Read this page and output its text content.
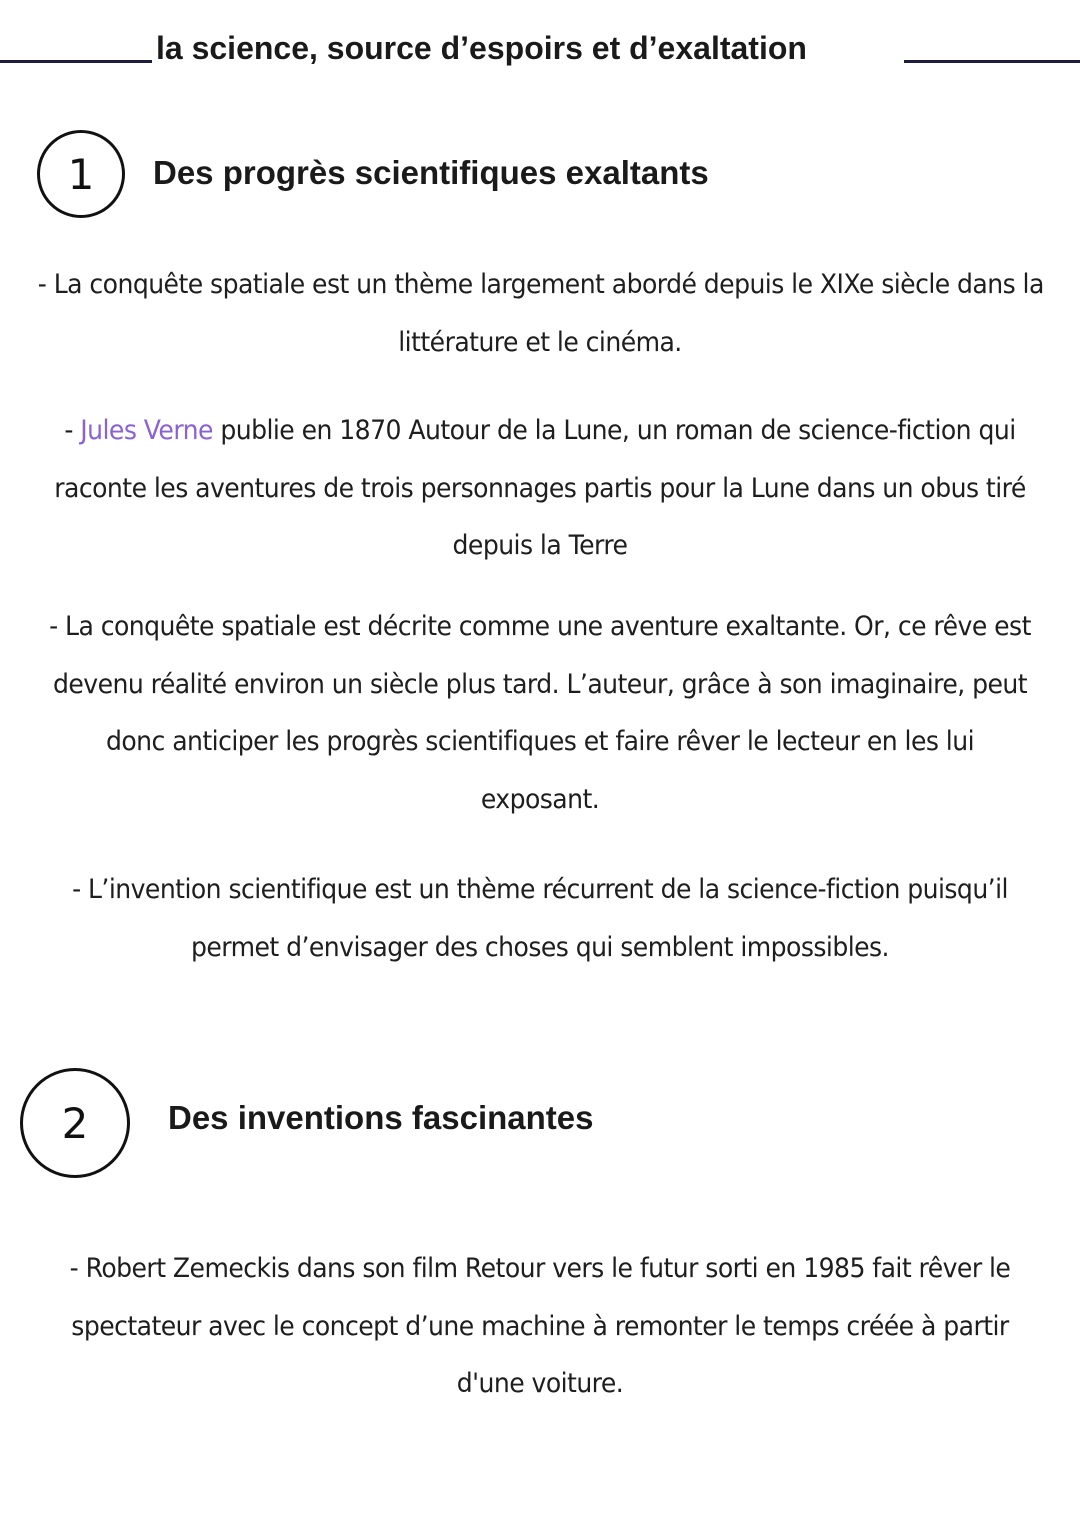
la science, source d’espoirs et d’exaltation
1	Des progrès scientifiques exaltants
- La conquête spatiale est un thème largement abordé depuis le XIXe siècle dans la
littérature et le cinéma.
- Jules Verne publie en 1870 Autour de la Lune, un roman de science-fiction qui
raconte les aventures de trois personnages partis pour la Lune dans un obus tiré
depuis la Terre
- La conquête spatiale est décrite comme une aventure exaltante. Or, ce rêve est
devenu réalité environ un siècle plus tard. L’auteur, grâce à son imaginaire, peut
donc anticiper les progrès scientifiques et faire rêver le lecteur en les lui
exposant.
- L’invention scientifique est un thème récurrent de la science-fiction puisqu’il
permet d’envisager des choses qui semblent impossibles.
2	Des inventions fascinantes
- Robert Zemeckis dans son film Retour vers le futur sorti en 1985 fait rêver le
spectateur avec le concept d’une machine à remonter le temps créée à partir
d'une voiture.
